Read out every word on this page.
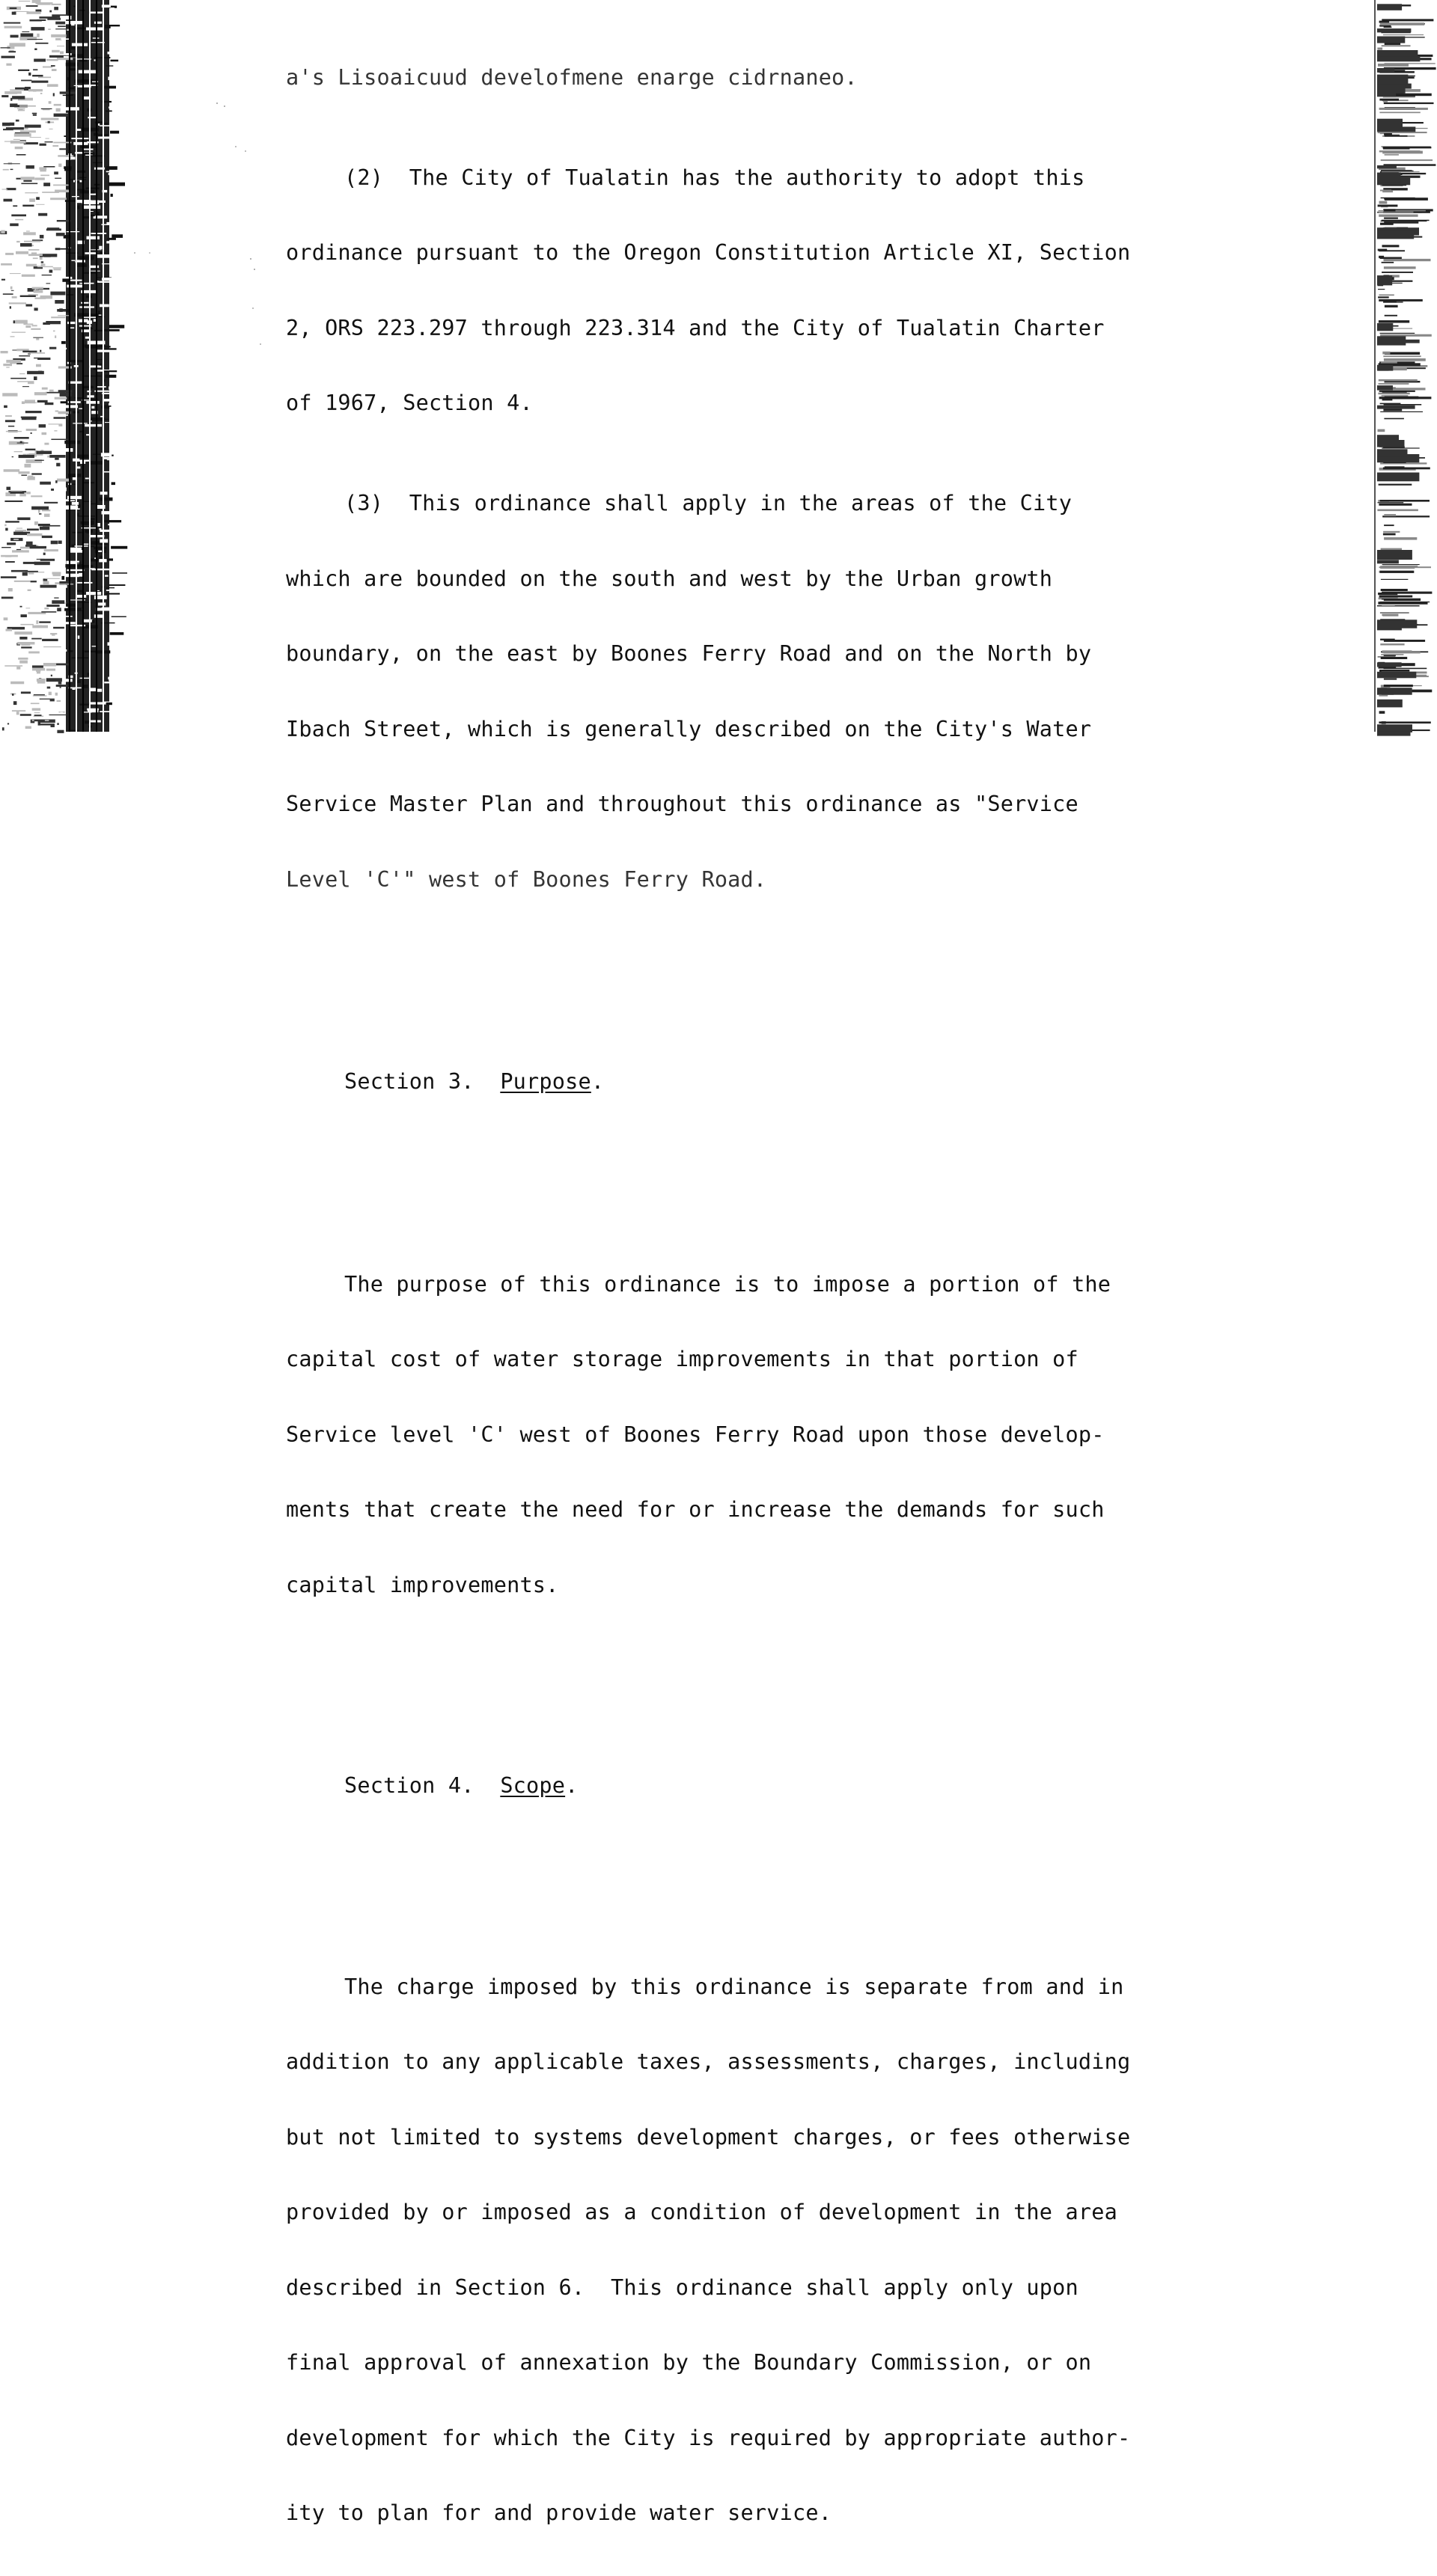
a's Lisoaicuud develofmene enarge cidrnaneo.

(2)  The City of Tualatin has the authority to adopt this

ordinance pursuant to the Oregon Constitution Article XI, Section

2, ORS 223.297 through 223.314 and the City of Tualatin Charter

of 1967, Section 4.

(3)  This ordinance shall apply in the areas of the City

which are bounded on the south and west by the Urban growth

boundary, on the east by Boones Ferry Road and on the North by

Ibach Street, which is generally described on the City's Water

Service Master Plan and throughout this ordinance as "Service

Level 'C'" west of Boones Ferry Road.

Section 3. Purpose.

The purpose of this ordinance is to impose a portion of the

capital cost of water storage improvements in that portion of

Service level 'C' west of Boones Ferry Road upon those develop-

ments that create the need for or increase the demands for such

capital improvements.

Section 4. Scope.

The charge imposed by this ordinance is separate from and in

addition to any applicable taxes, assessments, charges, including

but not limited to systems development charges, or fees otherwise

provided by or imposed as a condition of development in the area

described in Section 6.  This ordinance shall apply only upon

final approval of annexation by the Boundary Commission, or on

development for which the City is required by appropriate author-

ity to plan for and provide water service.
